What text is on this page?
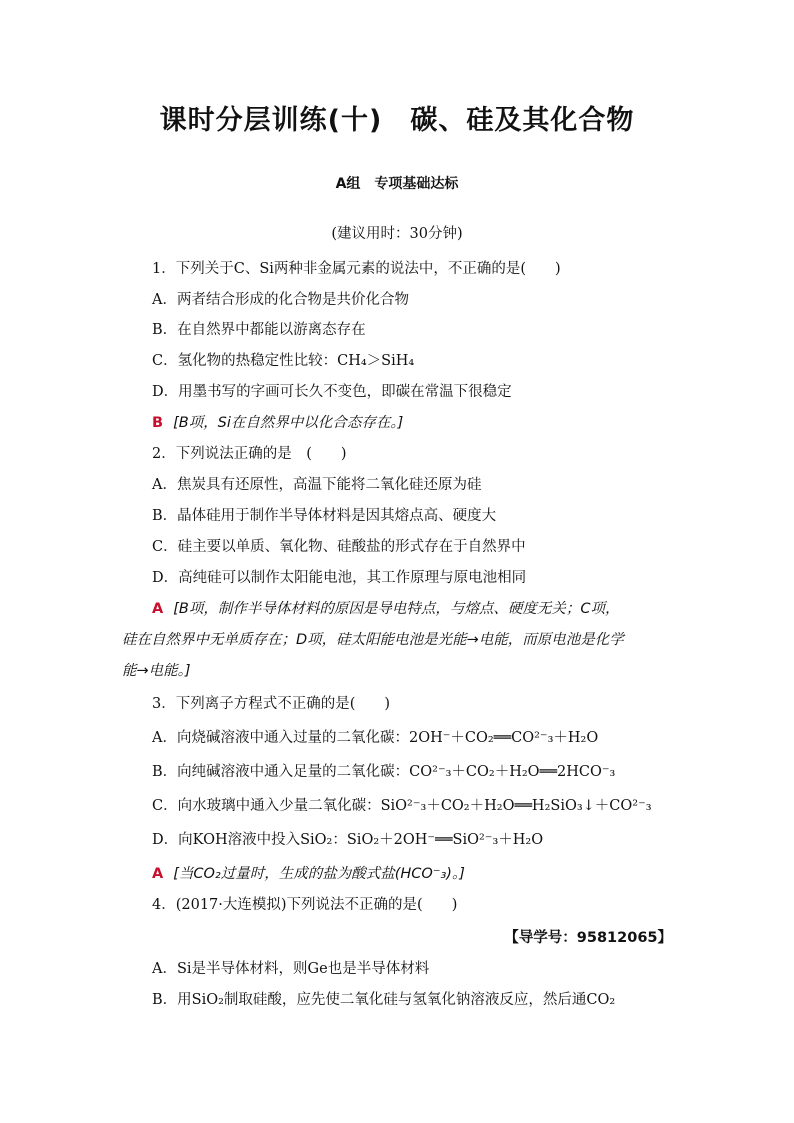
课时分层训练(十) 碳、硅及其化合物
A组 专项基础达标
(建议用时：30分钟)
1．下列关于C、Si两种非金属元素的说法中，不正确的是(　　)
A．两者结合形成的化合物是共价化合物
B．在自然界中都能以游离态存在
C．氢化物的热稳定性比较：CH₄＞SiH₄
D．用墨书写的字画可长久不变色，即碳在常温下很稳定
B [B项，Si在自然界中以化合态存在。]
2．下列说法正确的是　(　　)
A．焦炭具有还原性，高温下能将二氧化硅还原为硅
B．晶体硅用于制作半导体材料是因其熔点高、硬度大
C．硅主要以单质、氧化物、硅酸盐的形式存在于自然界中
D．高纯硅可以制作太阳能电池，其工作原理与原电池相同
A [B项，制作半导体材料的原因是导电特点，与熔点、硬度无关；C项，
硅在自然界中无单质存在；D项，硅太阳能电池是光能→电能，而原电池是化学
能→电能。]
3．下列离子方程式不正确的是(　　)
A．向烧碱溶液中通入过量的二氧化碳：2OH⁻＋CO₂══CO²⁻₃＋H₂O
B．向纯碱溶液中通入足量的二氧化碳：CO²⁻₃＋CO₂＋H₂O══2HCO⁻₃
C．向水玻璃中通入少量二氧化碳：SiO²⁻₃＋CO₂＋H₂O══H₂SiO₃↓＋CO²⁻₃
D．向KOH溶液中投入SiO₂：SiO₂＋2OH⁻══SiO²⁻₃＋H₂O
A [当CO₂过量时，生成的盐为酸式盐(HCO⁻₃)。]
4．(2017·大连模拟)下列说法不正确的是(　　)
【导学号：95812065】
A．Si是半导体材料，则Ge也是半导体材料
B．用SiO₂制取硅酸，应先使二氧化硅与氢氧化钠溶液反应，然后通CO₂
